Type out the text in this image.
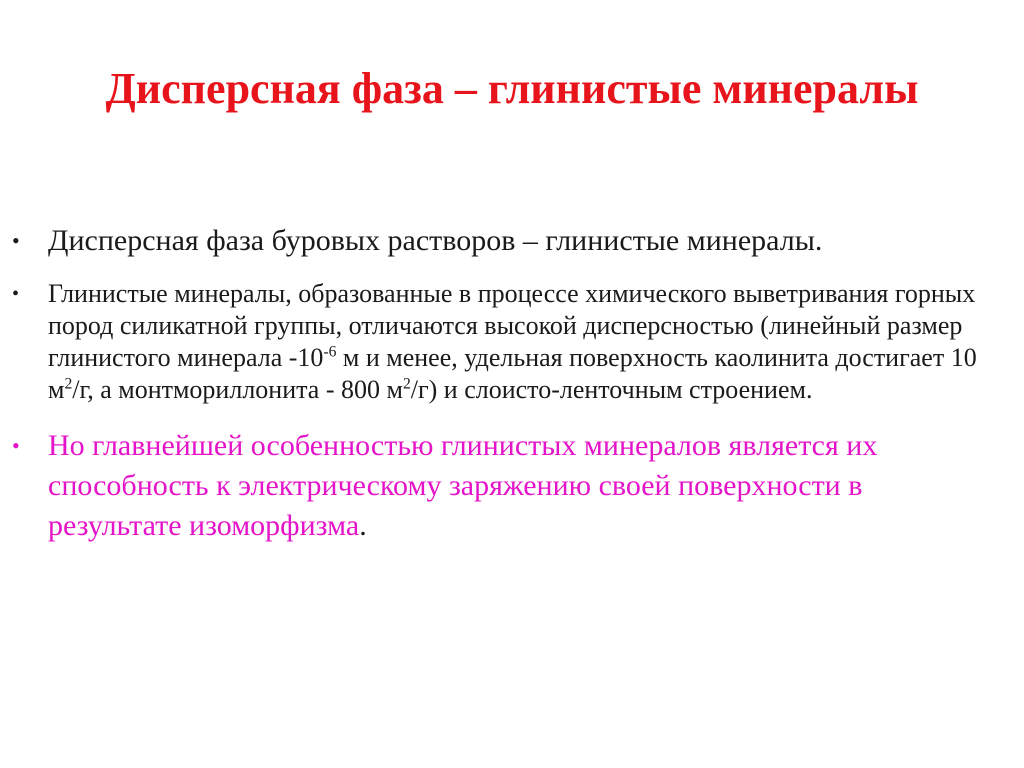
Дисперсная фаза – глинистые минералы
• Дисперсная фаза буровых растворов – глинистые минералы.
• Глинистые минералы, образованные в процессе химического выветривания горных пород силикатной группы, отличаются высокой дисперсностью (линейный размер глинистого минерала $-10^{-6}$ м и менее, удельная поверхность каолинита достигает 10 $м^2/г$, а монтмориллонита - 800 $м^2/г$) и слоисто-ленточным строением.
• Но главнейшей особенностью глинистых минералов является их способность к электрическому заряжению своей поверхности в результате изоморфизма.
